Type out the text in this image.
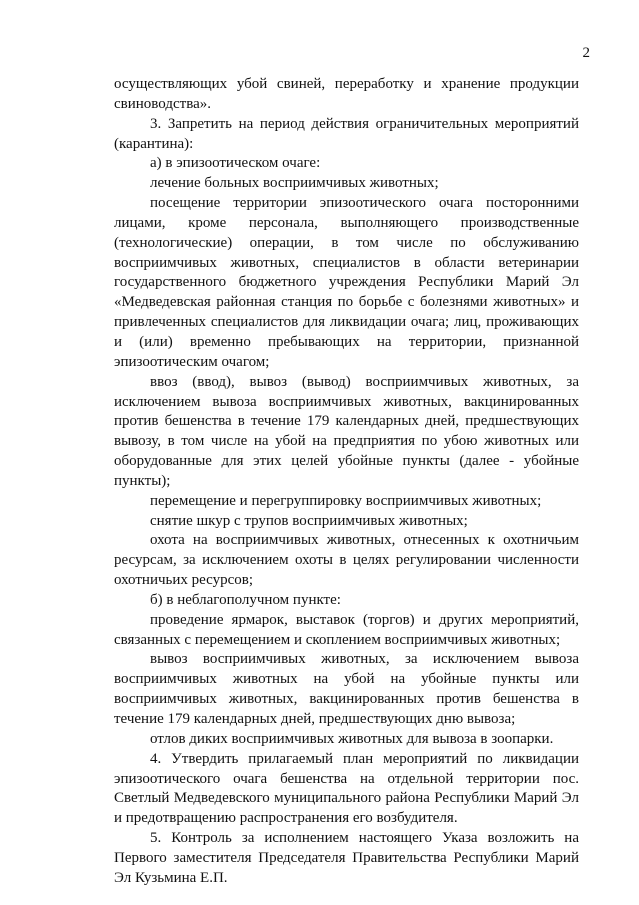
2

осуществляющих убой свиней, переработку и хранение продукции свиноводства».

3. Запретить на период действия ограничительных мероприятий (карантина):

а) в эпизоотическом очаге:

лечение больных восприимчивых животных;

посещение территории эпизоотического очага посторонними лицами, кроме персонала, выполняющего производственные (технологические) операции, в том числе по обслуживанию восприимчивых животных, специалистов в области ветеринарии государственного бюджетного учреждения Республики Марий Эл «Медведевская районная станция по борьбе с болезнями животных» и привлеченных специалистов для ликвидации очага; лиц, проживающих и (или) временно пребывающих на территории, признанной эпизоотическим очагом;

ввоз (ввод), вывоз (вывод) восприимчивых животных, за исключением вывоза восприимчивых животных, вакцинированных против бешенства в течение 179 календарных дней, предшествующих вывозу, в том числе на убой на предприятия по убою животных или оборудованные для этих целей убойные пункты (далее - убойные пункты);

перемещение и перегруппировку восприимчивых животных;

снятие шкур с трупов восприимчивых животных;

охота на восприимчивых животных, отнесенных к охотничьим ресурсам, за исключением охоты в целях регулировании численности охотничьих ресурсов;

б) в неблагополучном пункте:

проведение ярмарок, выставок (торгов) и других мероприятий, связанных с перемещением и скоплением восприимчивых животных;

вывоз восприимчивых животных, за исключением вывоза восприимчивых животных на убой на убойные пункты или восприимчивых животных, вакцинированных против бешенства в течение 179 календарных дней, предшествующих дню вывоза;

отлов диких восприимчивых животных для вывоза в зоопарки.

4. Утвердить прилагаемый план мероприятий по ликвидации эпизоотического очага бешенства на отдельной территории пос. Светлый Медведевского муниципального района Республики Марий Эл и предотвращению распространения его возбудителя.

5. Контроль за исполнением настоящего Указа возложить на Первого заместителя Председателя Правительства Республики Марий Эл Кузьмина Е.П.
